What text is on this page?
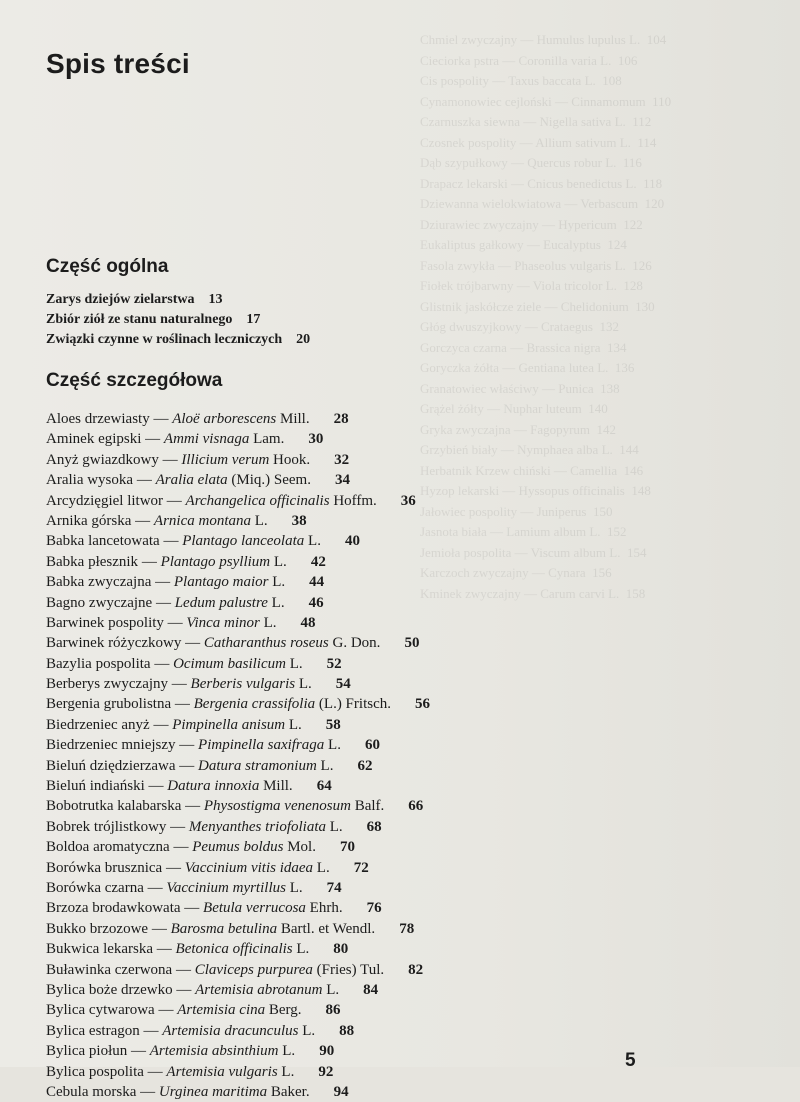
Chmiel zwyczajny — Humulus lupulus L.  104
Cieciorka pstra — Coronilla varia L.  106
Cis pospolity — Taxus baccata L.  108
Cynamonowiec cejloński — Cinnamomum  110
Czarnuszka siewna — Nigella sativa L.  112
Czosnek pospolity — Allium sativum L.  114
Dąb szypułkowy — Quercus robur L.  116
Drapacz lekarski — Cnicus benedictus L.  118
Dziewanna wielokwiatowa — Verbascum  120
Dziurawiec zwyczajny — Hypericum  122
Eukaliptus gałkowy — Eucalyptus  124
Fasola zwykła — Phaseolus vulgaris L.  126
Fiołek trójbarwny — Viola tricolor L.  128
Glistnik jaskółcze ziele — Chelidonium  130
Głóg dwuszyjkowy — Crataegus  132
Gorczyca czarna — Brassica nigra  134
Goryczka żółta — Gentiana lutea L.  136
Granatowiec właściwy — Punica  138
Grążel żółty — Nuphar luteum  140
Gryka zwyczajna — Fagopyrum  142
Grzybień biały — Nymphaea alba L.  144
Herbatnik Krzew chiński — Camellia  146
Hyzop lekarski — Hyssopus officinalis  148
Jałowiec pospolity — Juniperus  150
Jasnota biała — Lamium album L.  152
Jemioła pospolita — Viscum album L.  154
Karczoch zwyczajny — Cynara  156
Kminek zwyczajny — Carum carvi L.  158
Spis treści
Część ogólna
Zarys dziejów zielarstwa 13
Zbiór ziół ze stanu naturalnego 17
Związki czynne w roślinach leczniczych 20
Część szczegółowa
Aloes drzewiasty — Aloë arborescens Mill. 28
Aminek egipski — Ammi visnaga Lam. 30
Anyż gwiazdkowy — Illicium verum Hook. 32
Aralia wysoka — Aralia elata (Miq.) Seem. 34
Arcydzięgiel litwor — Archangelica officinalis Hoffm. 36
Arnika górska — Arnica montana L. 38
Babka lancetowata — Plantago lanceolata L. 40
Babka płesznik — Plantago psyllium L. 42
Babka zwyczajna — Plantago maior L. 44
Bagno zwyczajne — Ledum palustre L. 46
Barwinek pospolity — Vinca minor L. 48
Barwinek różyczkowy — Catharanthus roseus G. Don. 50
Bazylia pospolita — Ocimum basilicum L. 52
Berberys zwyczajny — Berberis vulgaris L. 54
Bergenia grubolistna — Bergenia crassifolia (L.) Fritsch. 56
Biedrzeniec anyż — Pimpinella anisum L. 58
Biedrzeniec mniejszy — Pimpinella saxifraga L. 60
Bieluń dziędzierzawa — Datura stramonium L. 62
Bieluń indiański — Datura innoxia Mill. 64
Bobotrutka kalabarska — Physostigma venenosum Balf. 66
Bobrek trójlistkowy — Menyanthes triofoliata L. 68
Boldoa aromatyczna — Peumus boldus Mol. 70
Borówka brusznica — Vaccinium vitis idaea L. 72
Borówka czarna — Vaccinium myrtillus L. 74
Brzoza brodawkowata — Betula verrucosa Ehrh. 76
Bukko brzozowe — Barosma betulina Bartl. et Wendl. 78
Bukwica lekarska — Betonica officinalis L. 80
Buławinka czerwona — Claviceps purpurea (Fries) Tul. 82
Bylica boże drzewko — Artemisia abrotanum L. 84
Bylica cytwarowa — Artemisia cina Berg. 86
Bylica estragon — Artemisia dracunculus L. 88
Bylica piołun — Artemisia absinthium L. 90
Bylica pospolita — Artemisia vulgaris L. 92
Cebula morska — Urginea maritima Baker. 94
5
